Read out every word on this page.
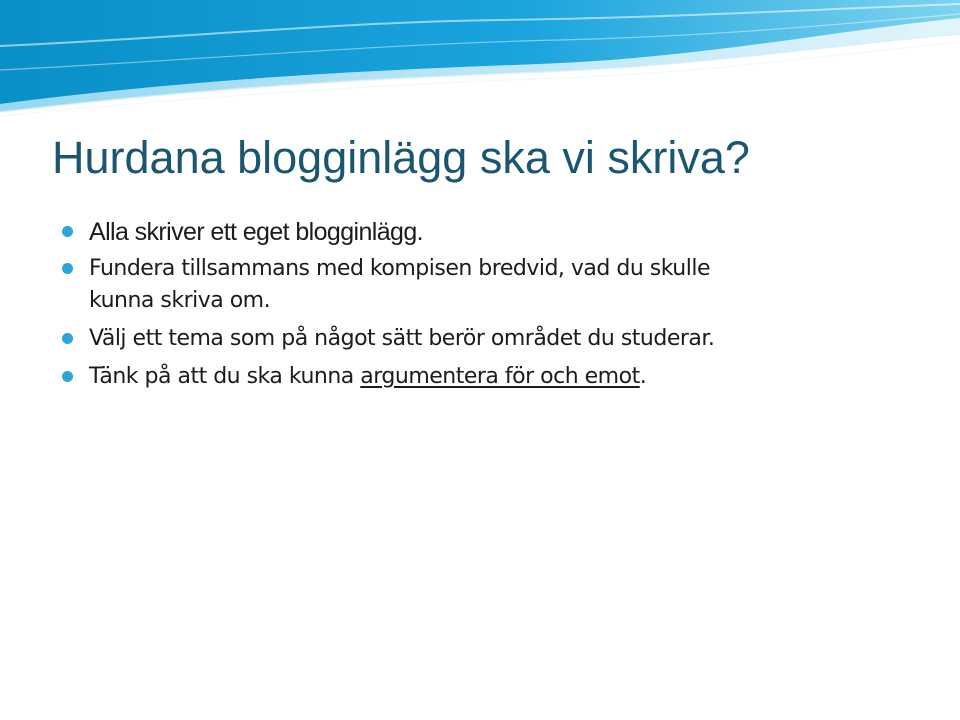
Hurdana blogginlägg ska vi skriva?
Alla skriver ett eget blogginlägg.
Fundera tillsammans med kompisen bredvid, vad du skulle
kunna skriva om.
Välj ett tema som på något sätt berör området du studerar.
Tänk på att du ska kunna argumentera för och emot.
